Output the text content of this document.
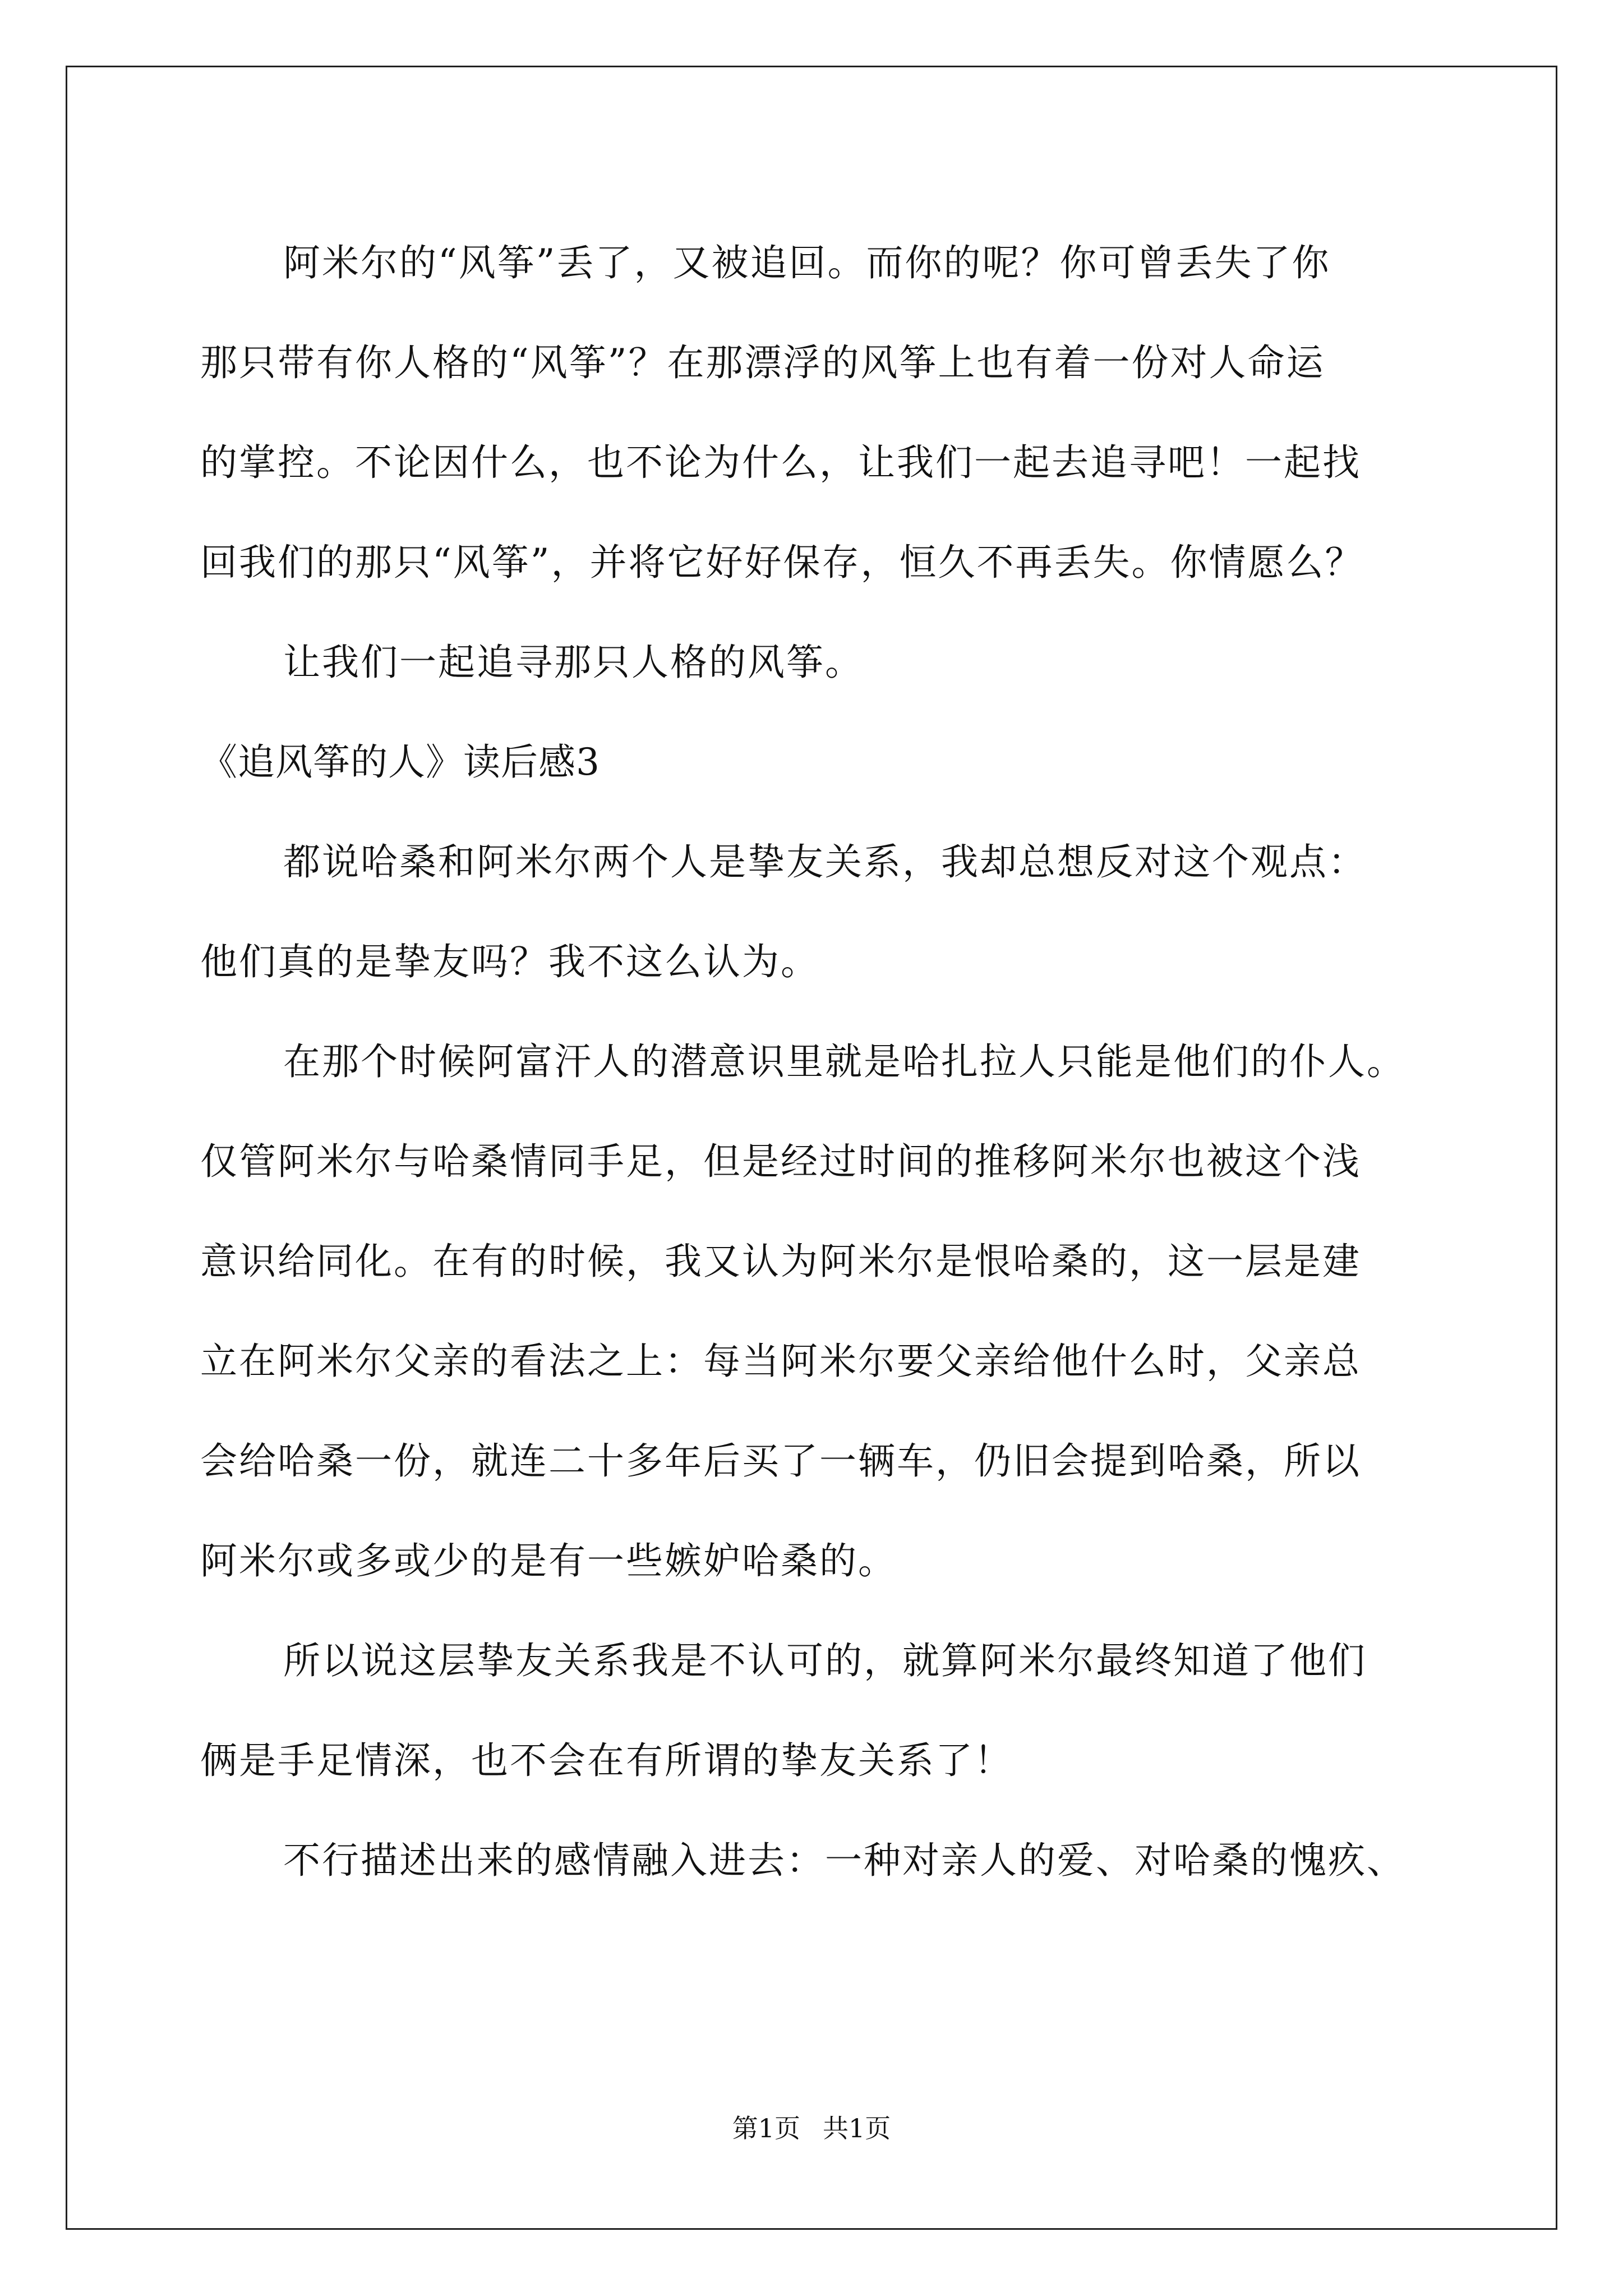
阿米尔的“风筝”丢了，又被追回。而你的呢？你可曾丢失了你
那只带有你人格的“风筝”？在那漂浮的风筝上也有着一份对人命运
的掌控。不论因什么，也不论为什么，让我们一起去追寻吧！一起找
回我们的那只“风筝”，并将它好好保存，恒久不再丢失。你情愿么？
让我们一起追寻那只人格的风筝。
《追风筝的人》读后感3
都说哈桑和阿米尔两个人是挚友关系，我却总想反对这个观点：
他们真的是挚友吗？我不这么认为。
在那个时候阿富汗人的潜意识里就是哈扎拉人只能是他们的仆人。
仅管阿米尔与哈桑情同手足，但是经过时间的推移阿米尔也被这个浅
意识给同化。在有的时候，我又认为阿米尔是恨哈桑的，这一层是建
立在阿米尔父亲的看法之上：每当阿米尔要父亲给他什么时，父亲总
会给哈桑一份，就连二十多年后买了一辆车，仍旧会提到哈桑，所以
阿米尔或多或少的是有一些嫉妒哈桑的。
所以说这层挚友关系我是不认可的，就算阿米尔最终知道了他们
俩是手足情深，也不会在有所谓的挚友关系了！
不行描述出来的感情融入进去：一种对亲人的爱、对哈桑的愧疚、
第1页 共1页
